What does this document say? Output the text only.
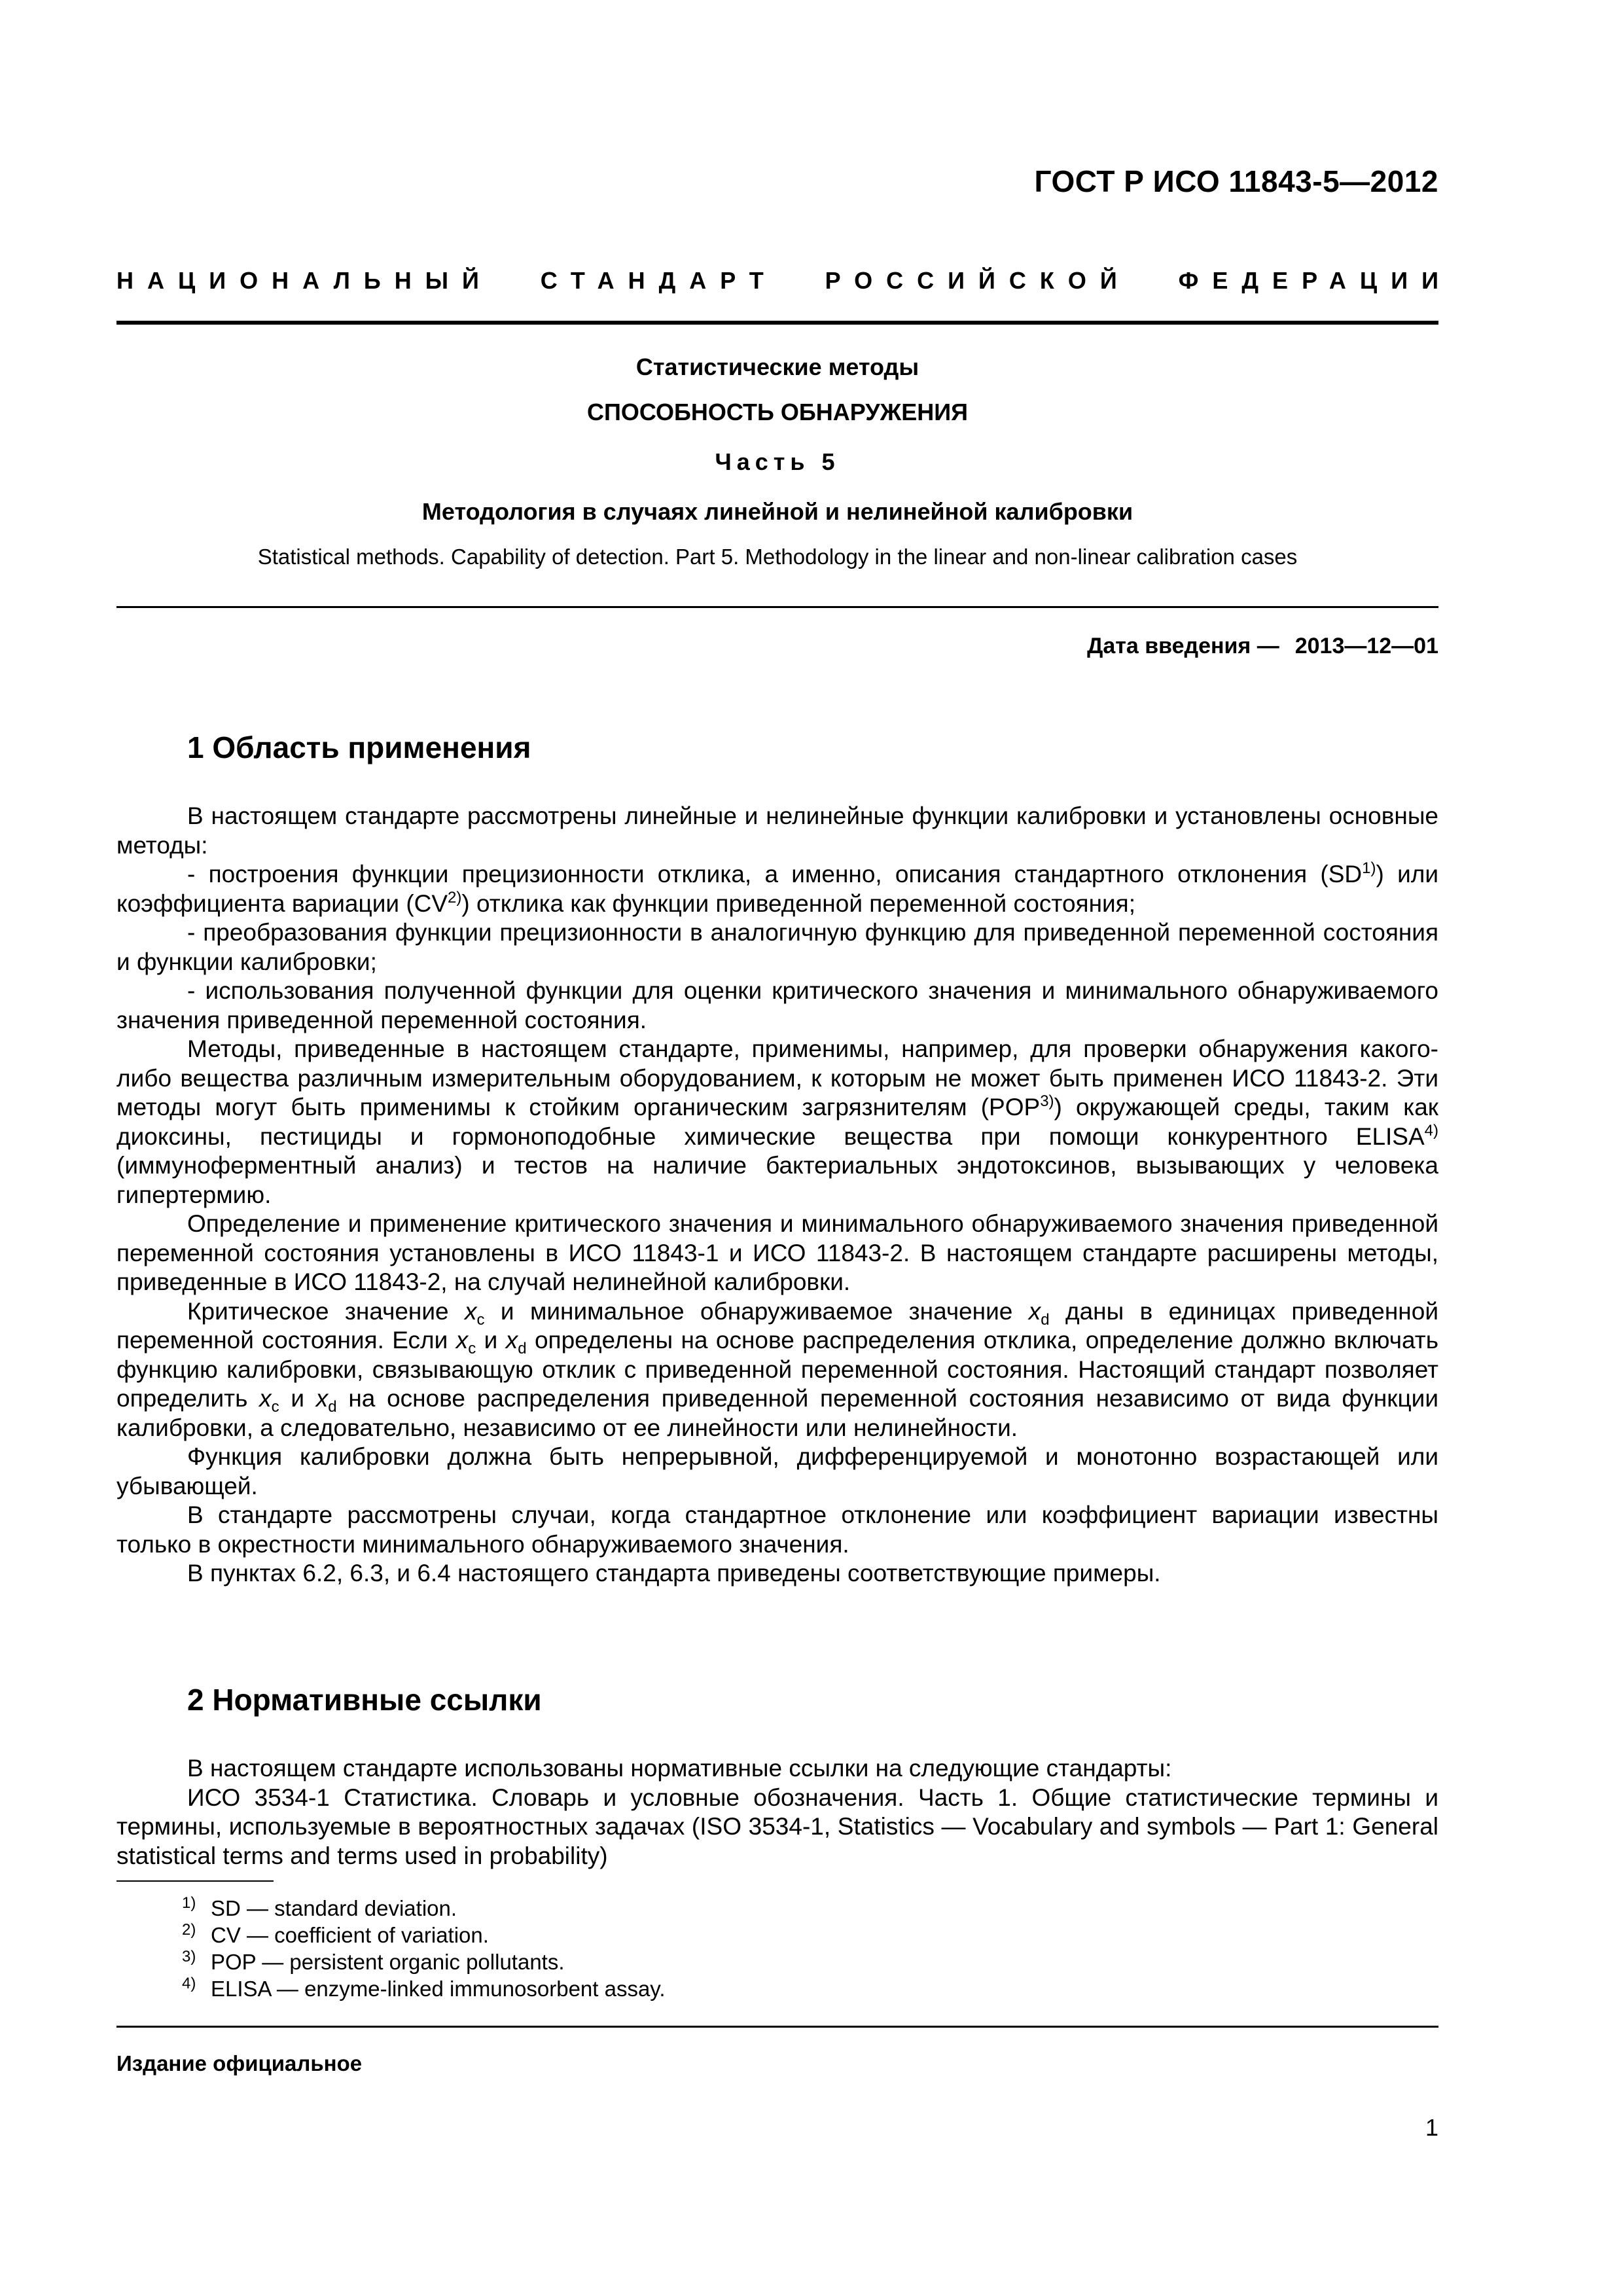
ГОСТ Р ИСО 11843-5—2012
НАЦИОНАЛЬНЫЙ СТАНДАРТ РОССИЙСКОЙ ФЕДЕРАЦИИ
Статистические методы
СПОСОБНОСТЬ ОБНАРУЖЕНИЯ
Часть 5
Методология в случаях линейной и нелинейной калибровки
Statistical methods. Capability of detection. Part 5. Methodology in the linear and non-linear calibration cases
Дата введения — 2013—12—01
1 Область применения

В настоящем стандарте рассмотрены линейные и нелинейные функции калибровки и установлены основные методы:

- построения функции прецизионности отклика, а именно, описания стандартного отклонения (SD$^{1)}$) или коэффициента вариации (CV$^{2)}$) отклика как функции приведенной переменной состояния;

- преобразования функции прецизионности в аналогичную функцию для приведенной переменной состояния и функции калибровки;

- использования полученной функции для оценки критического значения и минимального обнаруживаемого значения приведенной переменной состояния.

Методы, приведенные в настоящем стандарте, применимы, например, для проверки обнаружения какого-либо вещества различным измерительным оборудованием, к которым не может быть применен ИСО 11843-2. Эти методы могут быть применимы к стойким органическим загрязнителям (POP$^{3)}$) окружающей среды, таким как диоксины, пестициды и гормоноподобные химические вещества при помощи конкурентного ELISA$^{4)}$ (иммуноферментный анализ) и тестов на наличие бактериальных эндотоксинов, вызывающих у человека гипертермию.

Определение и применение критического значения и минимального обнаруживаемого значения приведенной переменной состояния установлены в ИСО 11843-1 и ИСО 11843-2. В настоящем стандарте расширены методы, приведенные в ИСО 11843-2, на случай нелинейной калибровки.

Критическое значение $x_c$ и минимальное обнаруживаемое значение $x_d$ даны в единицах приведенной переменной состояния. Если $x_c$ и $x_d$ определены на основе распределения отклика, определение должно включать функцию калибровки, связывающую отклик с приведенной переменной состояния. Настоящий стандарт позволяет определить $x_c$ и $x_d$ на основе распределения приведенной переменной состояния независимо от вида функции калибровки, а следовательно, независимо от ее линейности или нелинейности.

Функция калибровки должна быть непрерывной, дифференцируемой и монотонно возрастающей или убывающей.

В стандарте рассмотрены случаи, когда стандартное отклонение или коэффициент вариации известны только в окрестности минимального обнаруживаемого значения.

В пунктах 6.2, 6.3, и 6.4 настоящего стандарта приведены соответствующие примеры.

2 Нормативные ссылки

В настоящем стандарте использованы нормативные ссылки на следующие стандарты:

ИСО 3534-1 Статистика. Словарь и условные обозначения. Часть 1. Общие статистические термины и термины, используемые в вероятностных задачах (ISO 3534-1, Statistics — Vocabulary and symbols — Part 1: General statistical terms and terms used in probability)

1) SD — standard deviation.
2) CV — coefficient of variation.
3) POP — persistent organic pollutants.
4) ELISA — enzyme-linked immunosorbent assay.
Издание официальное
1
